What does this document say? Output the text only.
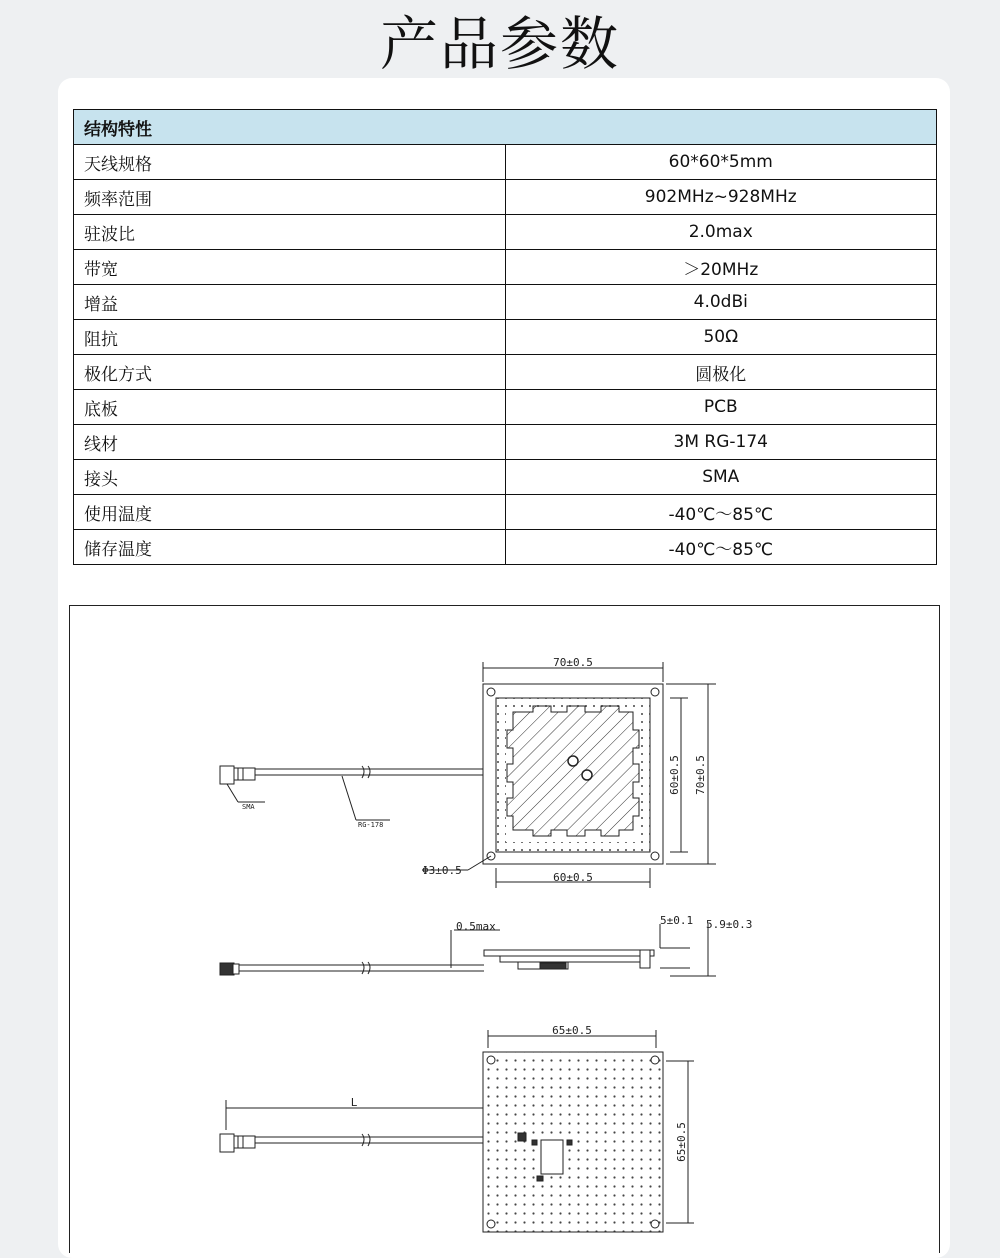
产品参数
结构特性	
天线规格	60*60*5mm
频率范围	902MHz~928MHz
驻波比	2.0max
带宽	＞20MHz
增益	4.0dBi
阻抗	50Ω
极化方式	圆极化
底板	PCB
线材	3M RG-174
接头	SMA
使用温度	-40℃～85℃
储存温度	-40℃～85℃
70±0.5
60±0.5 70±0.5
60±0.5
Φ3±0.5
RG-178
SMA
0.5max	5±0.1 5.9±0.3
65±0.5
65±0.5
L
